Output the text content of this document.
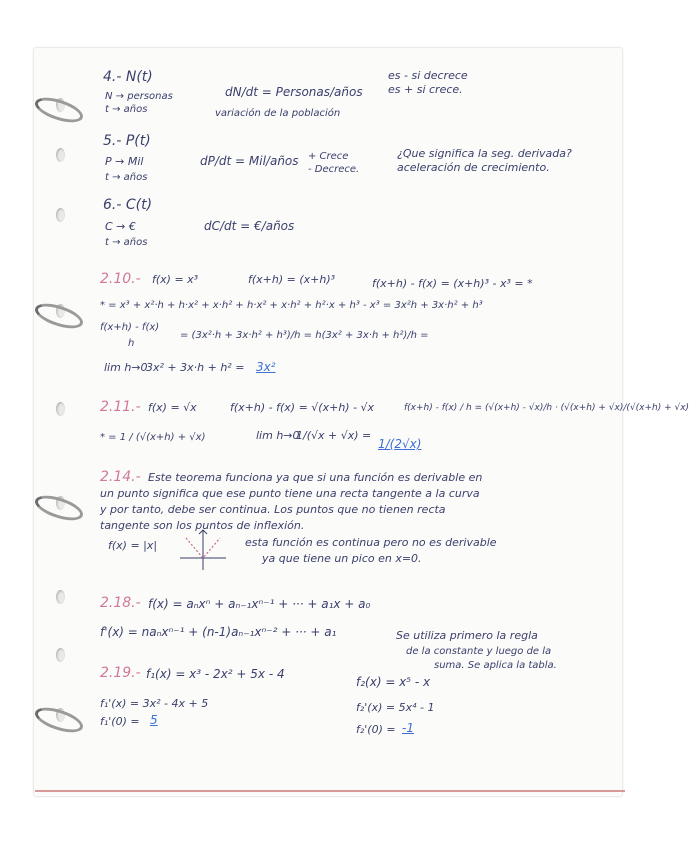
4.- N(t)
N → personas
t → años
dN/dt = Personas/años
variación de la población
es - si decrece
es + si crece.
5.- P(t)
P → Mil
t → años
dP/dt = Mil/años + Crece
- Decrece.
¿Que significa la seg. derivada?
aceleración de crecimiento.
6.- C(t)
C → €
t → años
dC/dt = €/años
2.10.- f(x) = x³	f(x+h) = (x+h)³	f(x+h) - f(x) = (x+h)³ - x³ = *
* = x³ + x²·h + h·x² + x·h² + h·x² + x·h² + h²·x + h³ - x³ = 3x²h + 3x·h² + h³
f(x+h) - f(x)
h
= (3x²·h + 3x·h² + h³)/h = h(3x² + 3x·h + h²)/h =
lim h→0
3x² + 3x·h + h² = 3x²
2.11.- f(x) = √x	f(x+h) - f(x) = √(x+h) - √x	f(x+h) - f(x) / h = (√(x+h) - √x)/h · (√(x+h) + √x)/(√(x+h) + √x)
* = 1 / (√(x+h) + √x)	lim h→0
1/(√x + √x) =
1/(2√x)
2.14.- Este teorema funciona ya que si una función es derivable en
un punto significa que ese punto tiene una recta tangente a la curva
y por tanto, debe ser continua. Los puntos que no tienen recta
tangente son los puntos de inflexión.
f(x) = |x|	esta función es continua pero no es derivable
ya que tiene un pico en x=0.
2.18.- f(x) = aₙxⁿ + aₙ₋₁xⁿ⁻¹ + ··· + a₁x + a₀
f'(x) = naₙxⁿ⁻¹ + (n-1)aₙ₋₁xⁿ⁻² + ··· + a₁	Se utiliza primero la regla
de la constante y luego de la
suma. Se aplica la tabla.
2.19.- f₁(x) = x³ - 2x² + 5x - 4
f₁'(x) = 3x² - 4x + 5
f₁'(0) = 5
f₂(x) = x⁵ - x
f₂'(x) = 5x⁴ - 1
f₂'(0) = -1
